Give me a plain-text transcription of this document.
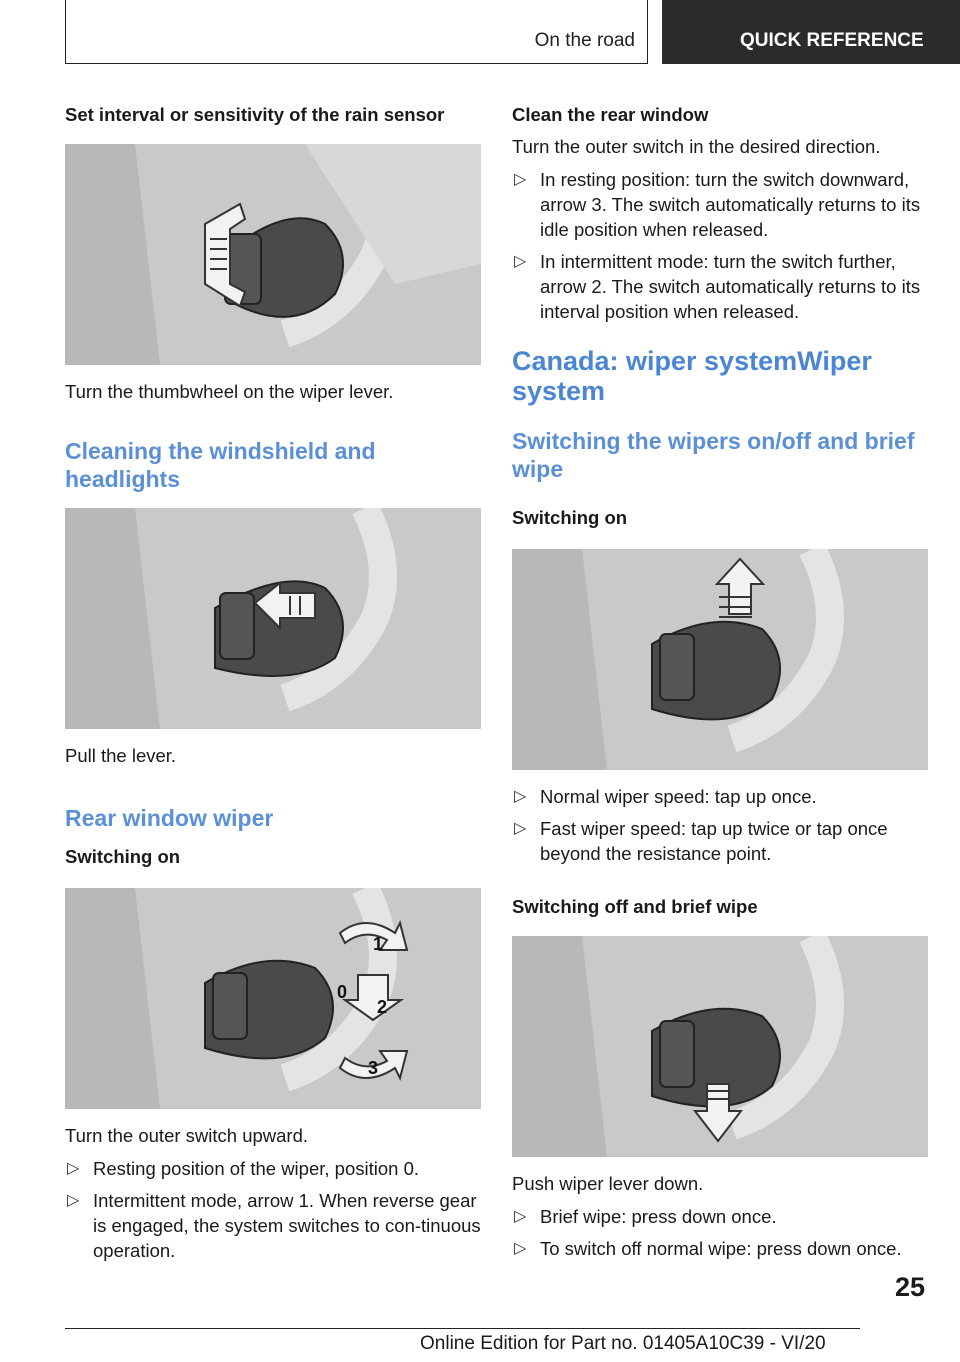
On the road	QUICK REFERENCE

Set interval or sensitivity of the rain sensor

Turn the thumbwheel on the wiper lever.

Cleaning the windshield and headlights

Pull the lever.

Rear window wiper

Switching on

0
1
2
3

Turn the outer switch upward.

▷ Resting position of the wiper, position 0.
▷ Intermittent mode, arrow 1. When reverse gear is engaged, the system switches to con-tinuous operation.

Clean the rear window

Turn the outer switch in the desired direction.

▷ In resting position: turn the switch downward, arrow 3. The switch automatically returns to its idle position when released.
▷ In intermittent mode: turn the switch further, arrow 2. The switch automatically returns to its interval position when released.
Canada: wiper systemWiper system
Switching the wipers on/off and brief wipe

Switching on

▷ Normal wiper speed: tap up once.
▷ Fast wiper speed: tap up twice or tap once beyond the resistance point.

Switching off and brief wipe

Push wiper lever down.

▷ Brief wipe: press down once.
▷ To switch off normal wipe: press down once.
25
Online Edition for Part no. 01405A10C39 - VI/20
